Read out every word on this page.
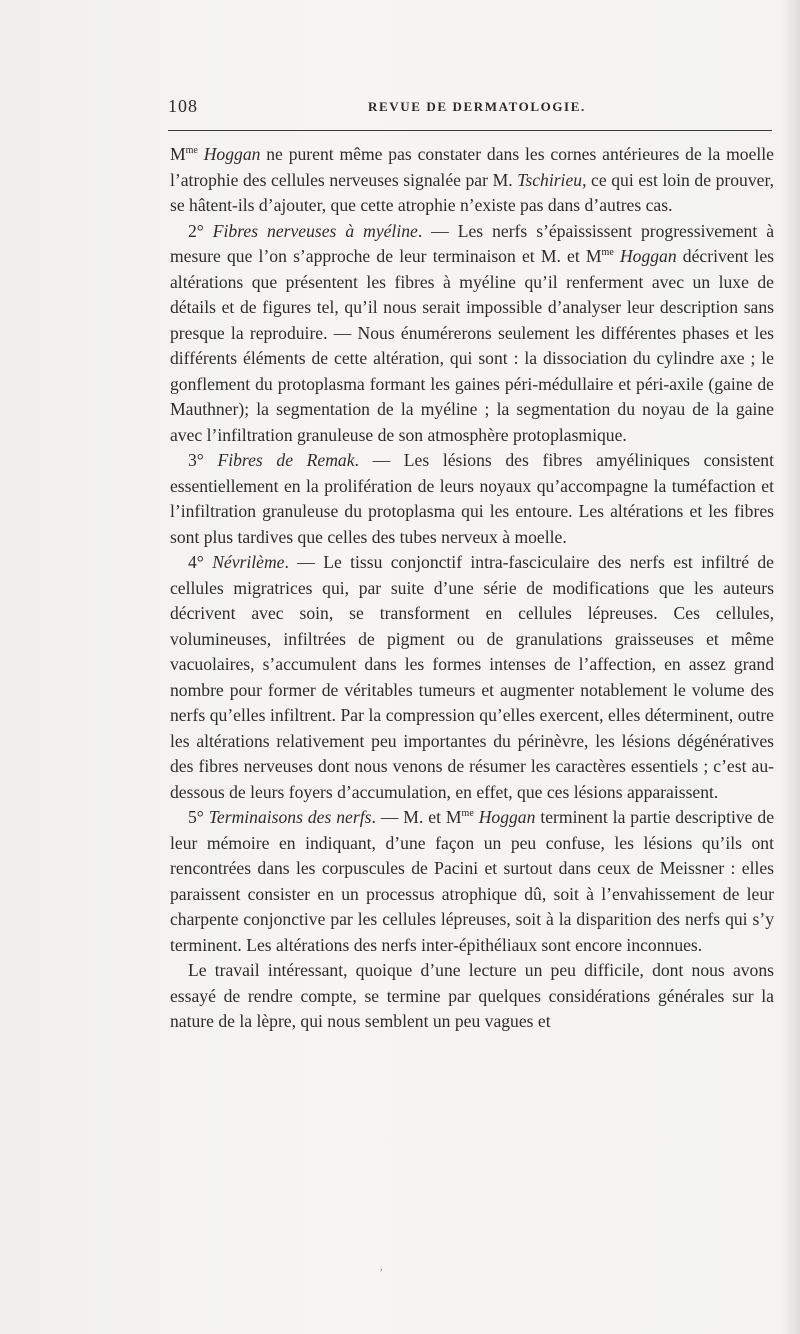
108	REVUE DE DERMATOLOGIE.

$M^{me}$ Hoggan ne purent même pas constater dans les cornes antérieures de la moelle l’atrophie des cellules nerveuses signalée par M. Tschirieu, ce qui est loin de prouver, se hâtent-ils d’ajouter, que cette atrophie n’existe pas dans d’autres cas.

2° Fibres nerveuses à myéline. — Les nerfs s’épaississent progressivement à mesure que l’on s’approche de leur terminaison et M. et $M^{me}$ Hoggan décrivent les altérations que présentent les fibres à myéline qu’il renferment avec un luxe de détails et de figures tel, qu’il nous serait impossible d’analyser leur description sans presque la reproduire. — Nous énumérerons seulement les différentes phases et les différents éléments de cette altération, qui sont : la dissociation du cylindre axe ; le gonflement du protoplasma formant les gaines péri-médullaire et péri-axile (gaine de Mauthner); la segmentation de la myéline ; la segmentation du noyau de la gaine avec l’infiltration granuleuse de son atmosphère protoplasmique.

3° Fibres de Remak. — Les lésions des fibres amyéliniques consistent essentiellement en la prolifération de leurs noyaux qu’accompagne la tuméfaction et l’infiltration granuleuse du protoplasma qui les entoure. Les altérations et les fibres sont plus tardives que celles des tubes nerveux à moelle.

4° Névrilème. — Le tissu conjonctif intra-fasciculaire des nerfs est infiltré de cellules migratrices qui, par suite d’une série de modifications que les auteurs décrivent avec soin, se transforment en cellules lépreuses. Ces cellules, volumineuses, infiltrées de pigment ou de granulations graisseuses et même vacuolaires, s’accumulent dans les formes intenses de l’affection, en assez grand nombre pour former de véritables tumeurs et augmenter notablement le volume des nerfs qu’elles infiltrent. Par la compression qu’elles exercent, elles déterminent, outre les altérations relativement peu importantes du périnèvre, les lésions dégénératives des fibres nerveuses dont nous venons de résumer les caractères essentiels ; c’est au-dessous de leurs foyers d’accumulation, en effet, que ces lésions apparaissent.

5° Terminaisons des nerfs. — M. et $M^{me}$ Hoggan terminent la partie descriptive de leur mémoire en indiquant, d’une façon un peu confuse, les lésions qu’ils ont rencontrées dans les corpuscules de Pacini et surtout dans ceux de Meissner : elles paraissent consister en un processus atrophique dû, soit à l’envahissement de leur charpente conjonctive par les cellules lépreuses, soit à la disparition des nerfs qui s’y terminent. Les altérations des nerfs inter-épithéliaux sont encore inconnues.

Le travail intéressant, quoique d’une lecture un peu difficile, dont nous avons essayé de rendre compte, se termine par quelques considérations générales sur la nature de la lèpre, qui nous semblent un peu vagues et

,
